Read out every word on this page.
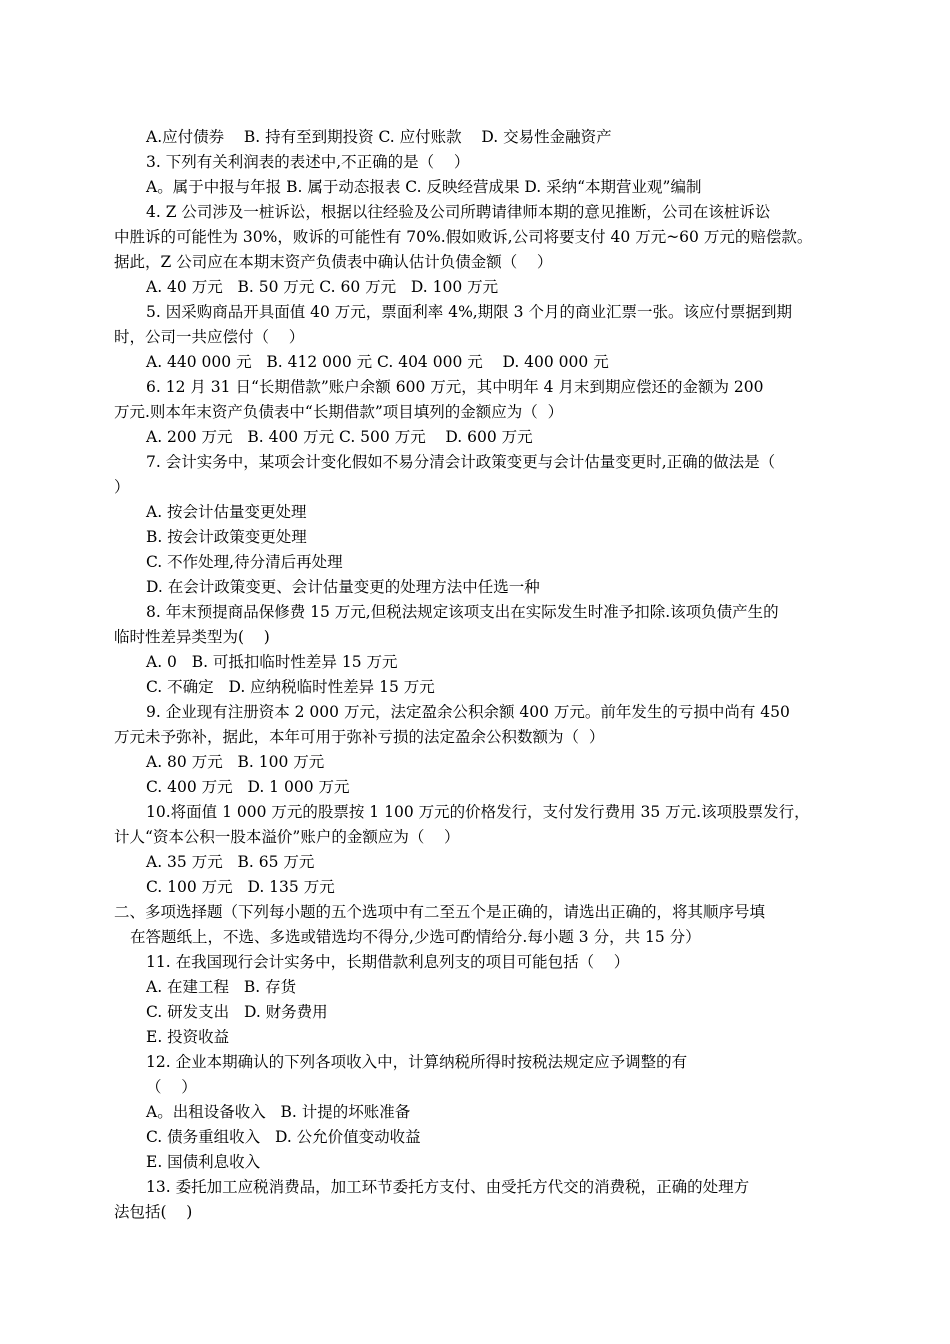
A.应付债券    B. 持有至到期投资 C. 应付账款    D. 交易性金融资产
3. 下列有关利润表的表述中,不正确的是（    ）
A。属于中报与年报 B. 属于动态报表 C. 反映经营成果 D. 采纳“本期营业观”编制
4. Z 公司涉及一桩诉讼，根据以往经验及公司所聘请律师本期的意见推断，公司在该桩诉讼
中胜诉的可能性为 30%，败诉的可能性有 70%.假如败诉,公司将要支付 40 万元~60 万元的赔偿款。
据此，Z 公司应在本期末资产负债表中确认估计负债金额（    ）
A. 40 万元   B. 50 万元 C. 60 万元   D. 100 万元
5. 因采购商品开具面值 40 万元，票面利率 4%,期限 3 个月的商业汇票一张。该应付票据到期
时，公司一共应偿付（    ）
A. 440 000 元   B. 412 000 元 C. 404 000 元    D. 400 000 元
6. 12 月 31 日“长期借款”账户余额 600 万元，其中明年 4 月末到期应偿还的金额为 200
万元.则本年末资产负债表中“长期借款”项目填列的金额应为（  ）
A. 200 万元   B. 400 万元 C. 500 万元    D. 600 万元
7. 会计实务中，某项会计变化假如不易分清会计政策变更与会计估量变更时,正确的做法是（
）
A. 按会计估量变更处理
B. 按会计政策变更处理
C. 不作处理,待分清后再处理
D. 在会计政策变更、会计估量变更的处理方法中任选一种
8. 年末预提商品保修费 15 万元,但税法规定该项支出在实际发生时准予扣除.该项负债产生的
临时性差异类型为(    )
A. 0   B. 可抵扣临时性差异 15 万元
C. 不确定   D. 应纳税临时性差异 15 万元
9. 企业现有注册资本 2 000 万元，法定盈余公积余额 400 万元。前年发生的亏损中尚有 450
万元未予弥补，据此，本年可用于弥补亏损的法定盈余公积数额为（  ）
A. 80 万元   B. 100 万元
C. 400 万元   D. 1 000 万元
10.将面值 1 000 万元的股票按 1 100 万元的价格发行，支付发行费用 35 万元.该项股票发行，
计人“资本公积一股本溢价”账户的金额应为（    ）
A. 35 万元   B. 65 万元
C. 100 万元   D. 135 万元
二、多项选择题（下列每小题的五个选项中有二至五个是正确的，请选出正确的，将其顺序号填
在答题纸上，不选、多选或错选均不得分,少选可酌情给分.每小题 3 分，共 15 分）
11. 在我国现行会计实务中，长期借款利息列支的项目可能包括（    ）
A. 在建工程   B. 存货
C. 研发支出   D. 财务费用
E. 投资收益
12. 企业本期确认的下列各项收入中，计算纳税所得时按税法规定应予调整的有
（    ）
A。出租设备收入   B. 计提的坏账准备
C. 债务重组收入   D. 公允价值变动收益
E. 国债利息收入
13. 委托加工应税消费品，加工环节委托方支付、由受托方代交的消费税，正确的处理方
法包括(    )
